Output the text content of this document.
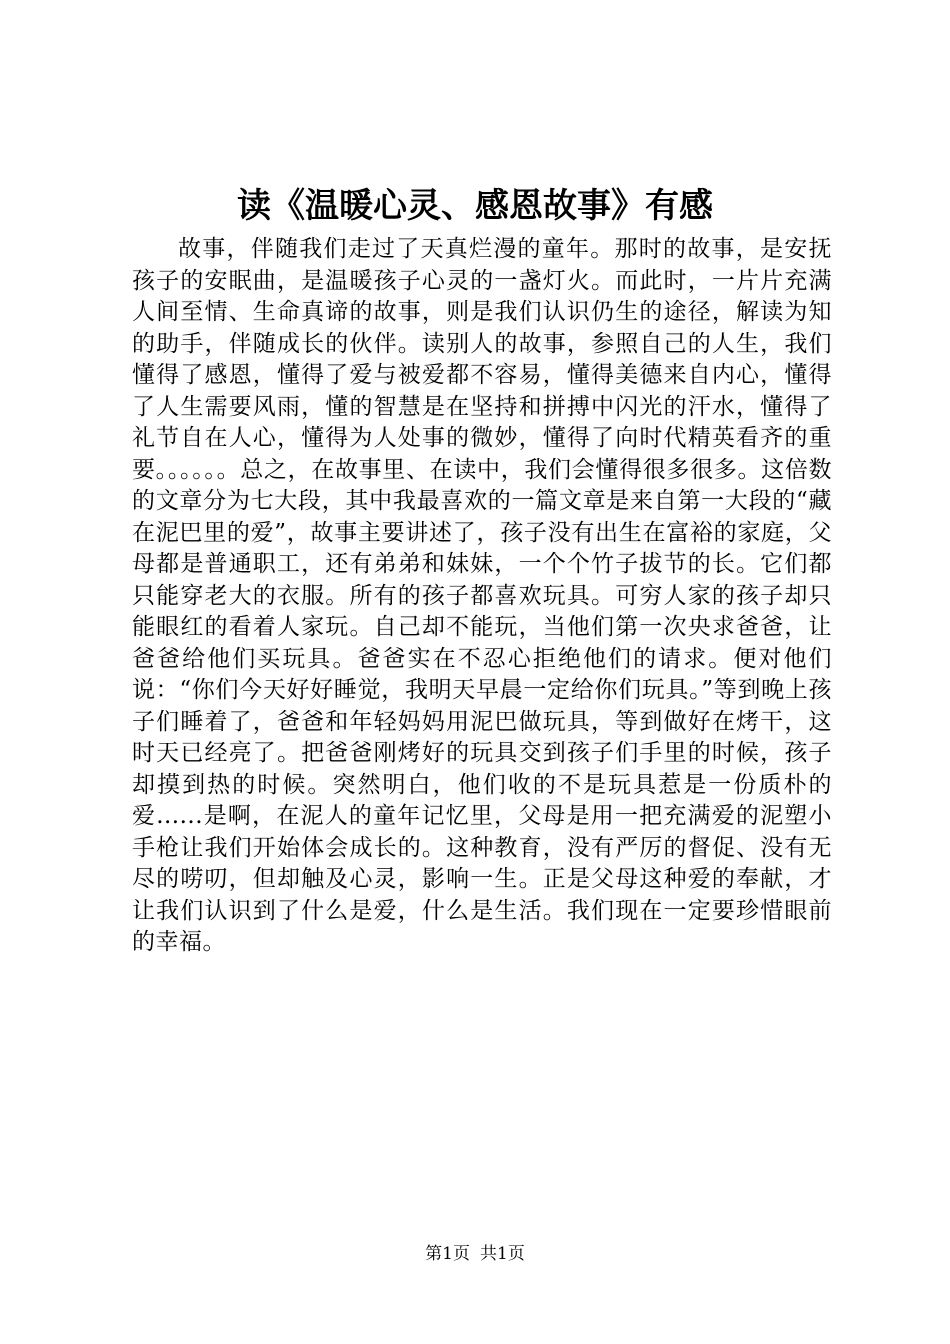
读《温暖心灵、感恩故事》有感

故事，伴随我们走过了天真烂漫的童年。那时的故事，是安抚孩子的安眠曲，是温暖孩子心灵的一盏灯火。而此时，一片片充满人间至情、生命真谛的故事，则是我们认识仍生的途径，解读为知的助手，伴随成长的伙伴。读别人的故事，参照自己的人生，我们懂得了感恩，懂得了爱与被爱都不容易，懂得美德来自内心，懂得了人生需要风雨，懂的智慧是在坚持和拼搏中闪光的汗水，懂得了礼节自在人心，懂得为人处事的微妙，懂得了向时代精英看齐的重要。。。。。。总之，在故事里、在读中，我们会懂得很多很多。这倍数的文章分为七大段，其中我最喜欢的一篇文章是来自第一大段的“藏在泥巴里的爱”，故事主要讲述了，孩子没有出生在富裕的家庭，父母都是普通职工，还有弟弟和妹妹，一个个竹子拔节的长。它们都只能穿老大的衣服。所有的孩子都喜欢玩具。可穷人家的孩子却只能眼红的看着人家玩。自己却不能玩，当他们第一次央求爸爸，让爸爸给他们买玩具。爸爸实在不忍心拒绝他们的请求。便对他们说：“你们今天好好睡觉，我明天早晨一定给你们玩具。”等到晚上孩子们睡着了，爸爸和年轻妈妈用泥巴做玩具，等到做好在烤干，这时天已经亮了。把爸爸刚烤好的玩具交到孩子们手里的时候，孩子却摸到热的时候。突然明白，他们收的不是玩具惹是一份质朴的爱......是啊，在泥人的童年记忆里，父母是用一把充满爱的泥塑小手枪让我们开始体会成长的。这种教育，没有严厉的督促、没有无尽的唠叨，但却触及心灵，影响一生。正是父母这种爱的奉献，才让我们认识到了什么是爱，什么是生活。我们现在一定要珍惜眼前的幸福。

第1页 共1页
